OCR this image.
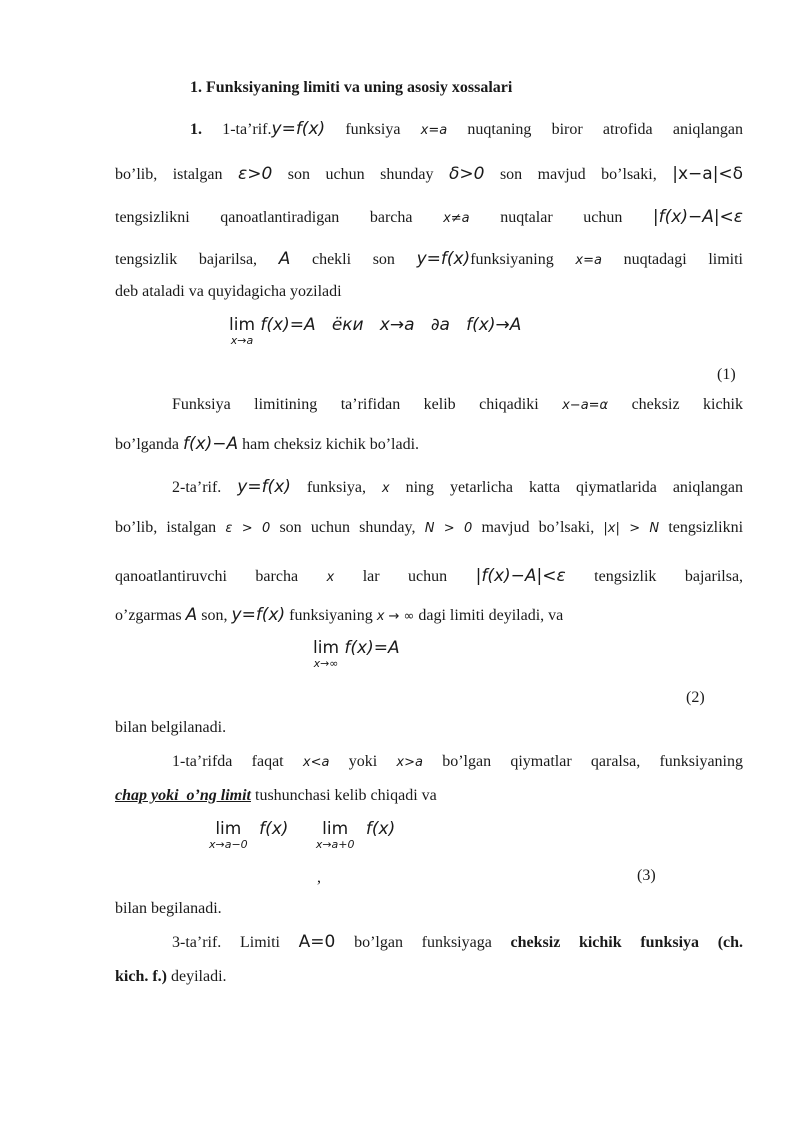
1. Funksiyaning limiti va uning asosiy xossalari
1. 1-ta’rif.y=f(x) funksiya x=a nuqtaning biror atrofida aniqlangan
bo’lib, istalgan ε>0 son uchun shunday δ>0 son mavjud bo’lsaki, |x−a|<δ
tengsizlikni qanoatlantiradigan barcha x≠a nuqtalar uchun |f(x)−A|<ε
tengsizlik bajarilsa, A chekli son y=f(x)funksiyaning x=a nuqtadagi limiti
deb ataladi va quyidagicha yoziladi
lim
x→a
f(x)=A   ёки   x→a   ∂а   f(x)→A
(1)
Funksiya limitining ta’rifidan kelib chiqadiki x−a=α cheksiz kichik
bo’lganda f(x)−A ham cheksiz kichik bo’ladi.
2-ta’rif. y=f(x) funksiya, x ning yetarlicha katta qiymatlarida aniqlangan
bo’lib, istalgan ε > 0 son uchun shunday, N > 0 mavjud bo’lsaki, |x| > N tengsizlikni
qanoatlantiruvchi barcha x lar uchun |f(x)−A|<ε tengsizlik bajarilsa,
o’zgarmas A son, y=f(x) funksiyaning x → ∞ dagi limiti deyiladi, va
lim
x→∞
f(x)=A
(2)
bilan belgilanadi.
1-ta’rifda faqat x<a yoki x>a bo’lgan qiymatlar qaralsa, funksiyaning
chap yoki  o’ng limit tushunchasi kelib chiqadi va
lim
x→a−0
f(x)	lim
x→a+0
f(x)
,	(3)
bilan begilanadi.
3-ta’rif. Limiti A=0 bo’lgan funksiyaga cheksiz kichik funksiya (ch.
kich. f.) deyiladi.
